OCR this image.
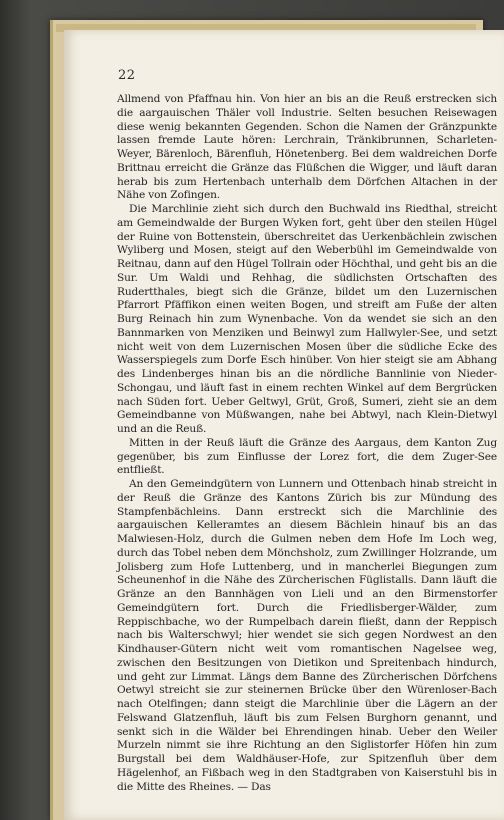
22

Allmend von Pfaffnau hin. Von hier an bis an die Reuß erstrecken sich die aargauischen Thäler voll Industrie. Selten besuchen Reisewagen diese wenig bekannten Gegenden. Schon die Namen der Gränzpunkte lassen fremde Laute hören: Lerchrain, Tränkibrunnen, Scharleten-Weyer, Bärenloch, Bärenfluh, Hönetenberg. Bei dem waldreichen Dorfe Brittnau erreicht die Gränze das Flüßchen die Wigger, und läuft daran herab bis zum Hertenbach unterhalb dem Dörfchen Altachen in der Nähe von Zofingen.

Die Marchlinie zieht sich durch den Buchwald ins Riedthal, streicht am Gemeindwalde der Burgen Wyken fort, geht über den steilen Hügel der Ruine von Bottenstein, überschreitet das Uerkenbächlein zwischen Wyliberg und Mosen, steigt auf den Weberbühl im Gemeindwalde von Reitnau, dann auf den Hügel Tollrain oder Höchthal, und geht bis an die Sur. Um Waldi und Rehhag, die südlichsten Ortschaften des Rudertthales, biegt sich die Gränze, bildet um den Luzernischen Pfarrort Pfäffikon einen weiten Bogen, und streift am Fuße der alten Burg Reinach hin zum Wynenbache. Von da wendet sie sich an den Bannmarken von Menziken und Beinwyl zum Hallwyler-See, und setzt nicht weit von dem Luzernischen Mosen über die südliche Ecke des Wasserspiegels zum Dorfe Esch hinüber. Von hier steigt sie am Abhang des Lindenberges hinan bis an die nördliche Bannlinie von Nieder-Schongau, und läuft fast in einem rechten Winkel auf dem Bergrücken nach Süden fort. Ueber Geltwyl, Grüt, Groß, Sumeri, zieht sie an dem Gemeindbanne von Müßwangen, nahe bei Abtwyl, nach Klein-Dietwyl und an die Reuß.

Mitten in der Reuß läuft die Gränze des Aargaus, dem Kanton Zug gegenüber, bis zum Einflusse der Lorez fort, die dem Zuger-See entfließt.

An den Gemeindgütern von Lunnern und Ottenbach hinab streicht in der Reuß die Gränze des Kantons Zürich bis zur Mündung des Stampfenbächleins. Dann erstreckt sich die Marchlinie des aargauischen Kelleramtes an diesem Bächlein hinauf bis an das Malwiesen-Holz, durch die Gulmen neben dem Hofe Im Loch weg, durch das Tobel neben dem Mönchsholz, zum Zwillinger Holzrande, um Jolisberg zum Hofe Luttenberg, und in mancherlei Biegungen zum Scheunenhof in die Nähe des Zürcherischen Füglistalls. Dann läuft die Gränze an den Bannhägen von Lieli und an den Birmenstorfer Gemeindgütern fort. Durch die Friedlisberger-Wälder, zum Reppischbache, wo der Rumpelbach darein fließt, dann der Reppisch nach bis Walterschwyl; hier wendet sie sich gegen Nordwest an den Kindhauser-Gütern nicht weit vom romantischen Nagelsee weg, zwischen den Besitzungen von Dietikon und Spreitenbach hindurch, und geht zur Limmat. Längs dem Banne des Zürcherischen Dörfchens Oetwyl streicht sie zur steinernen Brücke über den Würenloser-Bach nach Otelfingen; dann steigt die Marchlinie über die Lägern an der Felswand Glatzenfluh, läuft bis zum Felsen Burghorn genannt, und senkt sich in die Wälder bei Ehrendingen hinab. Ueber den Weiler Murzeln nimmt sie ihre Richtung an den Siglistorfer Höfen hin zum Burgstall bei dem Waldhäuser-Hofe, zur Spitzenfluh über dem Hägelenhof, an Fißbach weg in den Stadtgraben von Kaiserstuhl bis in die Mitte des Rheines. — Das
